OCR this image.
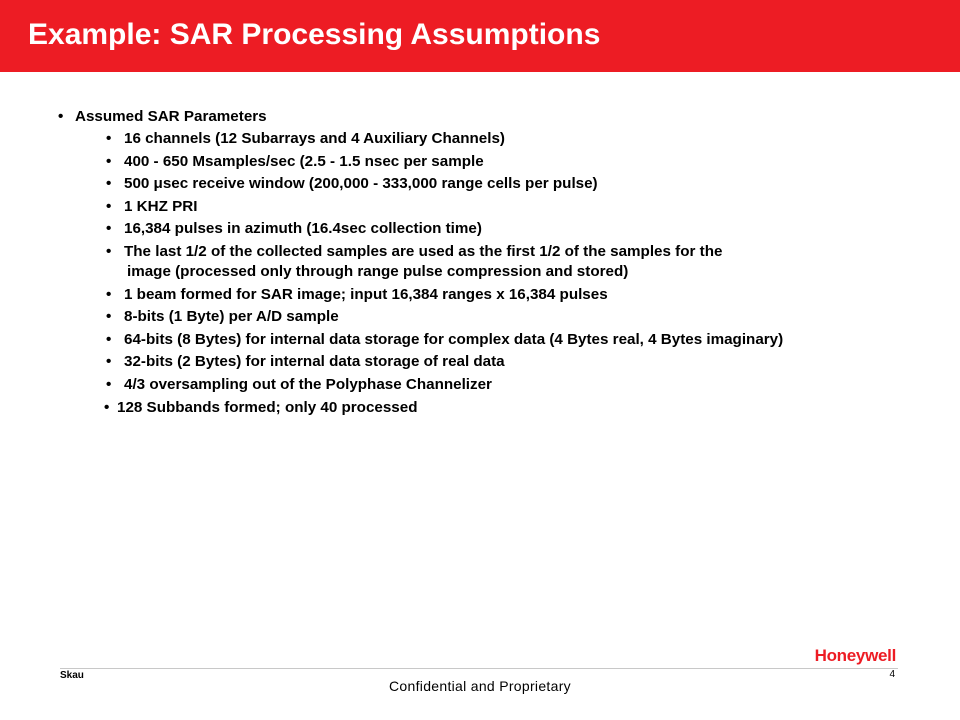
Example: SAR Processing Assumptions
• Assumed SAR Parameters
• 16 channels (12 Subarrays and 4 Auxiliary Channels)
• 400 - 650 Msamples/sec (2.5 - 1.5 nsec per sample
• 500 μsec receive window (200,000 - 333,000 range cells per pulse)
• 1 KHZ PRI
• 16,384 pulses in azimuth (16.4sec collection time)
• The last 1/2 of the collected samples are used as the first 1/2 of the samples for the
image (processed only through range pulse compression and stored)
• 1 beam formed for SAR image; input 16,384 ranges x 16,384 pulses
• 8-bits (1 Byte) per A/D sample
• 64-bits (8 Bytes) for internal data storage for complex data (4 Bytes real, 4 Bytes imaginary)
• 32-bits (2 Bytes) for internal data storage of real data
• 4/3 oversampling out of the Polyphase Channelizer
• 128 Subbands formed; only 40 processed
Honeywell
Skau
Confidential and Proprietary
4
